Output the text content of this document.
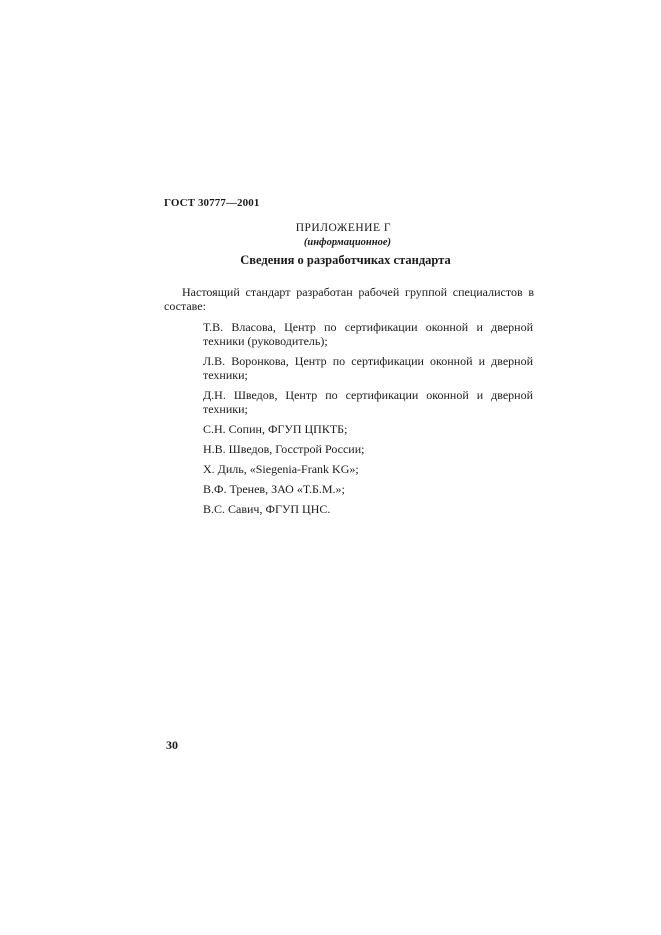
ГОСТ 30777—2001
ПРИЛОЖЕНИЕ Г
(информационное)
Сведения о разработчиках стандарта
Настоящий стандарт разработан рабочей группой специалистов в составе:
Т.В. Власова, Центр по сертификации оконной и дверной техники (руководитель);
Л.В. Воронкова, Центр по сертификации оконной и дверной техники;
Д.Н. Шведов, Центр по сертификации оконной и дверной техники;
С.Н. Сопин, ФГУП ЦПКТБ;
Н.В. Шведов, Госстрой России;
Х. Диль, «Siegenia-Frank KG»;
В.Ф. Тренев, ЗАО «Т.Б.М.»;
В.С. Савич, ФГУП ЦНС.
30
